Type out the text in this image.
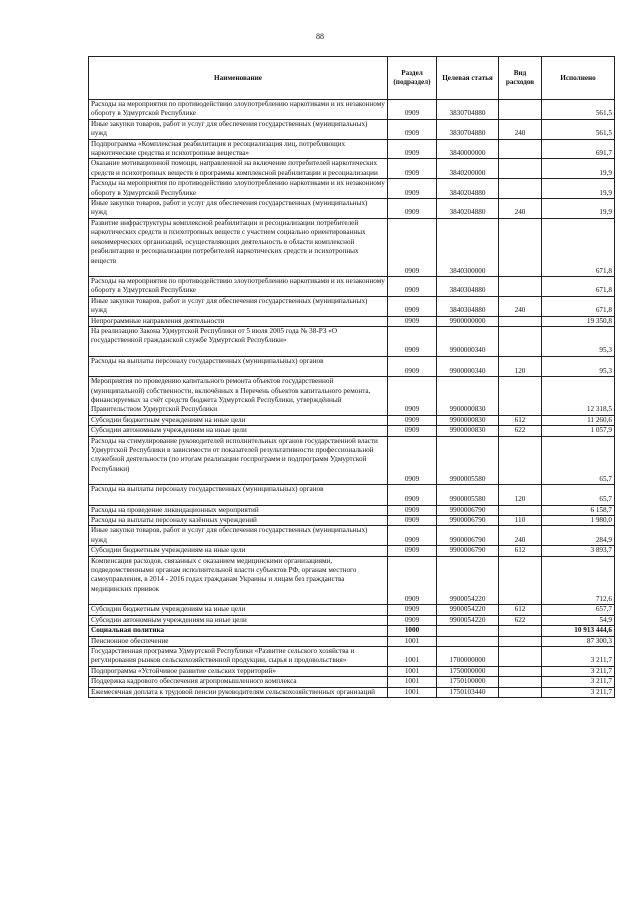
88
Наименование	Раздел (подраздел)	Целевая статья	Вид расходов	Исполнено
Расходы на мероприятия по противодействию злоупотреблению наркотиками и их незаконному обороту в Удмуртской Республике	0909	3830704880		561,5
Иные закупки товаров, работ и услуг для обеспечения государственных (муниципальных) нужд	0909	3830704880	240	561,5
Подпрограмма «Комплексная реабилитация и ресоциализация лиц, потребляющих наркотические средства и психотропные вещества»	0909	3840000000		691,7
Оказание мотивационной помощи, направленной на включение потребителей наркотических средств и психотропных веществ в программы комплексной реабилитации и ресоциализации	0909	3840200000		19,9
Расходы на мероприятия по противодействию злоупотреблению наркотиками и их незаконному обороту в Удмуртской Республике	0909	3840204880		19,9
Иные закупки товаров, работ и услуг для обеспечения государственных (муниципальных) нужд	0909	3840204880	240	19,9
Развитие инфраструктуры комплексной реабилитации и ресоциализации потребителей наркотических средств и психотропных веществ с участием социально ориентированных некоммерческих организаций, осуществляющих деятельность в области комплексной реабилитации и ресоциализации потребителей наркотических средств и психотропных веществ	0909	3840300000		671,8
Расходы на мероприятия по противодействию злоупотреблению наркотиками и их незаконному обороту в Удмуртской Республике	0909	3840304880		671,8
Иные закупки товаров, работ и услуг для обеспечения государственных (муниципальных) нужд	0909	3840304880	240	671,8
Непрограммные направления деятельности	0909	9900000000		19 350,8
На реализацию Закона Удмуртской Республики от 5 июля 2005 года № 38-РЗ «О государственной гражданской службе Удмуртской Республики»	0909	9900000340		95,3
Расходы на выплаты персоналу государственных (муниципальных) органов	0909	9900000340	120	95,3
Мероприятия по проведению капитального ремонта объектов государственной (муниципальной) собственности, включённых в Перечень объектов капитального ремонта, финансируемых за счёт средств бюджета Удмуртской Республики, утверждённый Правительством Удмуртской Республики	0909	9900000830		12 318,5
Субсидии бюджетным учреждениям на иные цели	0909	9900000830	612	11 260,6
Субсидии автономным учреждениям на иные цели	0909	9900000830	622	1 057,9
Расходы на стимулирование руководителей исполнительных органов государственной власти Удмуртской Республики в зависимости от показателей результативности профессиональной служебной деятельности (по итогам реализации госпрограмм и подпрограмм Удмуртской Республики)	0909	9900005580		65,7
Расходы на выплаты персоналу государственных (муниципальных) органов	0909	9900005580	120	65,7
Расходы на проведение ликвидационных мероприятий	0909	9900006790		6 158,7
Расходы на выплаты персоналу казённых учреждений	0909	9900006790	110	1 980,0
Иные закупки товаров, работ и услуг для обеспечения государственных (муниципальных) нужд	0909	9900006790	240	284,9
Субсидии бюджетным учреждениям на иные цели	0909	9900006790	612	3 893,7
Компенсация расходов, связанных с оказанием медицинскими организациями, подведомственными органам исполнительной власти субъектов РФ, органам местного самоуправления, в 2014 - 2016 годах гражданам Украины и лицам без гражданства медицинских приивок	0909	9900054220		712,6
Субсидии бюджетным учреждениям на иные цели	0909	9900054220	612	657,7
Субсидии автономным учреждениям на иные цели	0909	9900054220	622	54,9
Социальная политика	1000			10 913 444,6
Пенсионное обеспечение	1001			87 300,3
Государственная программа Удмуртской Республики «Развитие сельского хозяйства и регулирования рынков сельскохозяйственной продукции, сырья и продовольствия»	1001	1700000000		3 211,7
Подпрограмма «Устойчивое развитие сельских территорий»	1001	1750000000		3 211,7
Поддержка кадрового обеспечения агропромышленного комплекса	1001	1750100000		3 211,7
Ежемесячная доплата к трудовой пенсии руководителям сельскохозяйственных организаций	1001	1750103440		3 211,7
